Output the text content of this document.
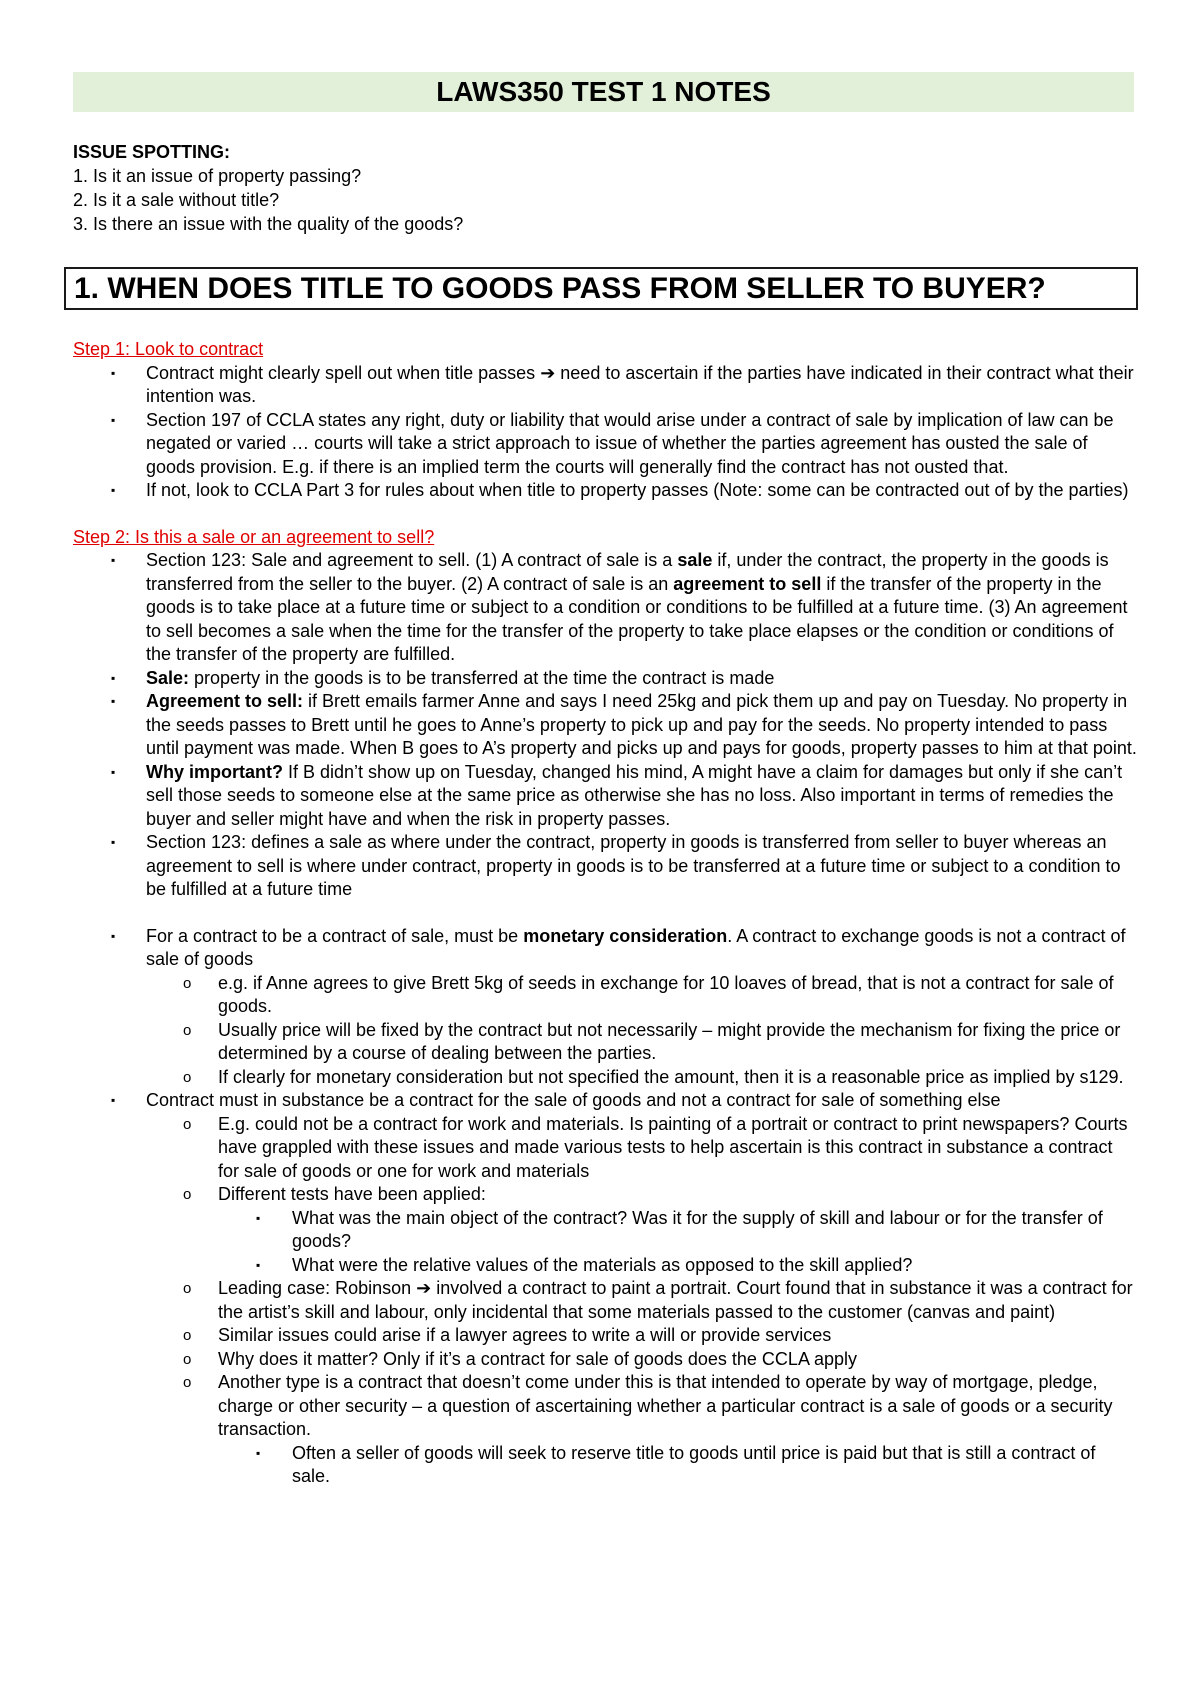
LAWS350 TEST 1 NOTES
ISSUE SPOTTING:
1. Is it an issue of property passing?
2. Is it a sale without title?
3. Is there an issue with the quality of the goods?
1. WHEN DOES TITLE TO GOODS PASS FROM SELLER TO BUYER?
Step 1: Look to contract
▪ Contract might clearly spell out when title passes ➔ need to ascertain if the parties have indicated in their contract what their intention was.
▪ Section 197 of CCLA states any right, duty or liability that would arise under a contract of sale by implication of law can be negated or varied … courts will take a strict approach to issue of whether the parties agreement has ousted the sale of goods provision. E.g. if there is an implied term the courts will generally find the contract has not ousted that.
▪ If not, look to CCLA Part 3 for rules about when title to property passes (Note: some can be contracted out of by the parties)
Step 2: Is this a sale or an agreement to sell?
▪ Section 123: Sale and agreement to sell. (1) A contract of sale is a sale if, under the contract, the property in the goods is transferred from the seller to the buyer. (2) A contract of sale is an agreement to sell if the transfer of the property in the goods is to take place at a future time or subject to a condition or conditions to be fulfilled at a future time. (3) An agreement to sell becomes a sale when the time for the transfer of the property to take place elapses or the condition or conditions of the transfer of the property are fulfilled.
▪ Sale: property in the goods is to be transferred at the time the contract is made
▪ Agreement to sell: if Brett emails farmer Anne and says I need 25kg and pick them up and pay on Tuesday. No property in the seeds passes to Brett until he goes to Anne’s property to pick up and pay for the seeds. No property intended to pass until payment was made. When B goes to A’s property and picks up and pays for goods, property passes to him at that point.
▪ Why important? If B didn’t show up on Tuesday, changed his mind, A might have a claim for damages but only if she can’t sell those seeds to someone else at the same price as otherwise she has no loss. Also important in terms of remedies the buyer and seller might have and when the risk in property passes.
▪ Section 123: defines a sale as where under the contract, property in goods is transferred from seller to buyer whereas an agreement to sell is where under contract, property in goods is to be transferred at a future time or subject to a condition to be fulfilled at a future time
▪ For a contract to be a contract of sale, must be monetary consideration. A contract to exchange goods is not a contract of sale of goods
o e.g. if Anne agrees to give Brett 5kg of seeds in exchange for 10 loaves of bread, that is not a contract for sale of goods.
o Usually price will be fixed by the contract but not necessarily – might provide the mechanism for fixing the price or determined by a course of dealing between the parties.
o If clearly for monetary consideration but not specified the amount, then it is a reasonable price as implied by s129.
▪ Contract must in substance be a contract for the sale of goods and not a contract for sale of something else
o E.g. could not be a contract for work and materials. Is painting of a portrait or contract to print newspapers? Courts have grappled with these issues and made various tests to help ascertain is this contract in substance a contract for sale of goods or one for work and materials
o Different tests have been applied:
▪ What was the main object of the contract? Was it for the supply of skill and labour or for the transfer of goods?
▪ What were the relative values of the materials as opposed to the skill applied?
o Leading case: Robinson ➔ involved a contract to paint a portrait. Court found that in substance it was a contract for the artist’s skill and labour, only incidental that some materials passed to the customer (canvas and paint)
o Similar issues could arise if a lawyer agrees to write a will or provide services
o Why does it matter? Only if it’s a contract for sale of goods does the CCLA apply
o Another type is a contract that doesn’t come under this is that intended to operate by way of mortgage, pledge, charge or other security – a question of ascertaining whether a particular contract is a sale of goods or a security transaction.
▪ Often a seller of goods will seek to reserve title to goods until price is paid but that is still a contract of sale.
